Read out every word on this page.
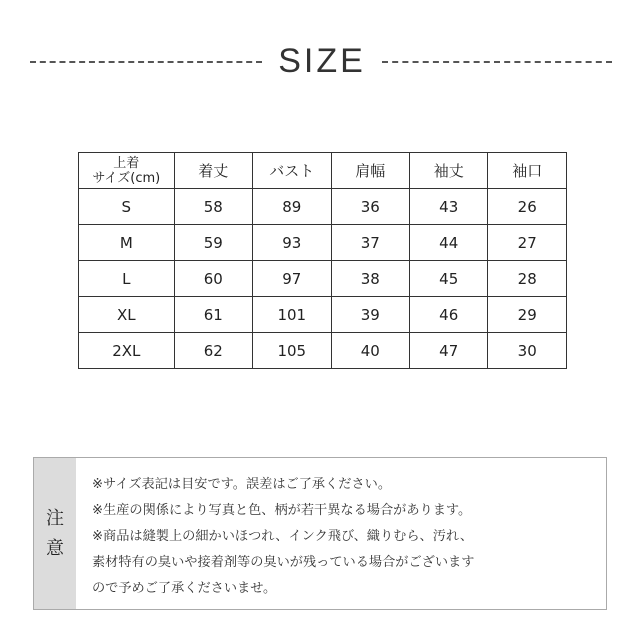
SIZE
上着
サイズ(cm)	着丈	バスト	肩幅	袖丈	袖口
S	58	89	36	43	26
M	59	93	37	44	27
L	60	97	38	45	28
XL	61	101	39	46	29
2XL	62	105	40	47	30
注
意
※サイズ表記は目安です。誤差はご了承ください。
※生産の関係により写真と色、柄が若干異なる場合があります。
※商品は縫製上の細かいほつれ、インク飛び、織りむら、汚れ、
素材特有の臭いや接着剤等の臭いが残っている場合がございます
ので予めご了承くださいませ。
